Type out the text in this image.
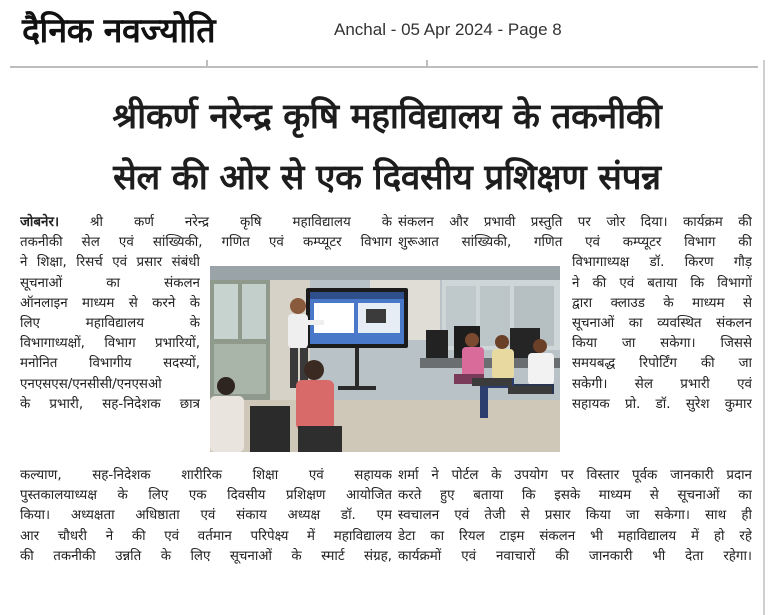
दैनिक नवज्योति	Anchal - 05 Apr 2024 - Page 8
श्रीकर्ण नरेन्द्र कृषि महाविद्यालय के तकनीकी
सेल की ओर से एक दिवसीय प्रशिक्षण संपन्न
जोबनेर। श्री कर्ण नरेन्द्र कृषि महाविद्यालय के
तकनीकी सेल एवं सांख्यिकी, गणित एवं कम्प्यूटर विभाग
ने शिक्षा, रिसर्च एवं प्रसार संबंधी
सूचनाओं का संकलन
ऑनलाइन माध्यम से करने के
लिए महाविद्यालय के
विभागाध्यक्षों, विभाग प्रभारियों,
मनोनित विभागीय सदस्यों,
एनएसएस/एनसीसी/एनएसओ
के प्रभारी, सह-निदेशक छात्र
कल्याण, सह-निदेशक शारीरिक शिक्षा एवं सहायक
पुस्तकालयाध्यक्ष के लिए एक दिवसीय प्रशिक्षण आयोजित
किया। अध्यक्षता अधिष्ठाता एवं संकाय अध्यक्ष डॉ. एम
आर चौधरी ने की एवं वर्तमान परिपेक्ष्य में महाविद्यालय
की तकनीकी उन्नति के लिए सूचनाओं के स्मार्ट संग्रह,
संकलन और प्रभावी प्रस्तुति पर जोर दिया। कार्यक्रम की
शुरूआत सांख्यिकी, गणित एवं कम्प्यूटर विभाग की
विभागाध्यक्ष डॉ. किरण गौड़
ने की एवं बताया कि विभागों
द्वारा क्लाउड के माध्यम से
सूचनाओं का व्यवस्थित संकलन
किया जा सकेगा। जिससे
समयबद्ध रिपोर्टिंग की जा
सकेगी। सेल प्रभारी एवं
सहायक प्रो. डॉ. सुरेश कुमार
शर्मा ने पोर्टल के उपयोग पर विस्तार पूर्वक जानकारी प्रदान
करते हुए बताया कि इसके माध्यम से सूचनाओं का
स्वचालन एवं तेजी से प्रसार किया जा सकेगा। साथ ही
डेटा का रियल टाइम संकलन भी महाविद्यालय में हो रहे
कार्यक्रमों एवं नवाचारों की जानकारी भी देता रहेगा।
